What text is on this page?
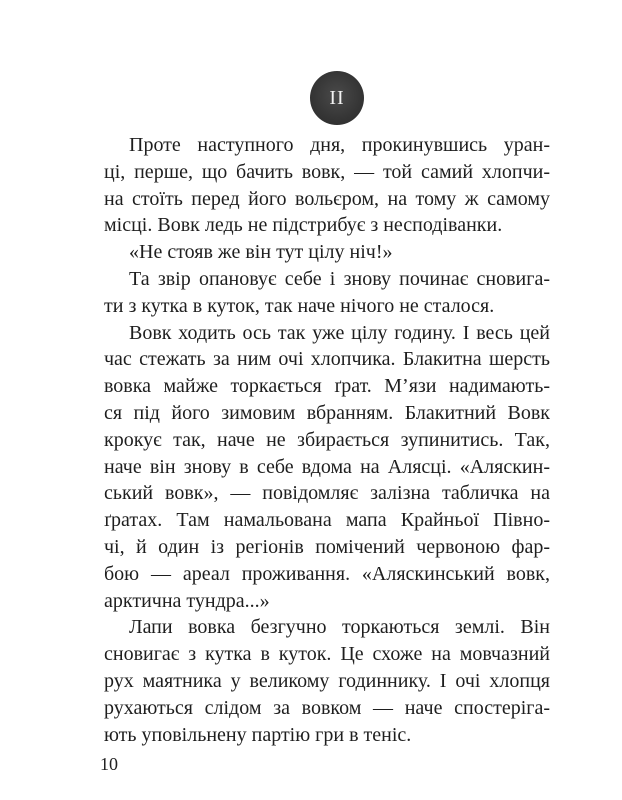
II
Проте наступного дня, прокинувшись уран-
ці, перше, що бачить вовк, — той самий хлопчи-
на стоїть перед його вольєром, на тому ж самому
місці. Вовк ледь не підстрибує з несподіванки.
«Не стояв же він тут цілу ніч!»
Та звір опановує себе і знову починає сновига-
ти з кутка в куток, так наче нічого не сталося.
Вовк ходить ось так уже цілу годину. І весь цей
час стежать за ним очі хлопчика. Блакитна шерсть
вовка майже торкається ґрат. М’язи надимають-
ся під його зимовим вбранням. Блакитний Вовк
крокує так, наче не збирається зупинитись. Так,
наче він знову в себе вдома на Алясці. «Аляскин-
ський вовк», — повідомляє залізна табличка на
ґратах. Там намальована мапа Крайньої Півно-
чі, й один із регіонів помічений червоною фар-
бою — ареал проживання. «Аляскинський вовк,
арктична тундра...»
Лапи вовка безгучно торкаються землі. Він
сновигає з кутка в куток. Це схоже на мовчазний
рух маятника у великому годиннику. І очі хлопця
рухаються слідом за вовком — наче спостеріга-
ють уповільнену партію гри в теніс.
10
